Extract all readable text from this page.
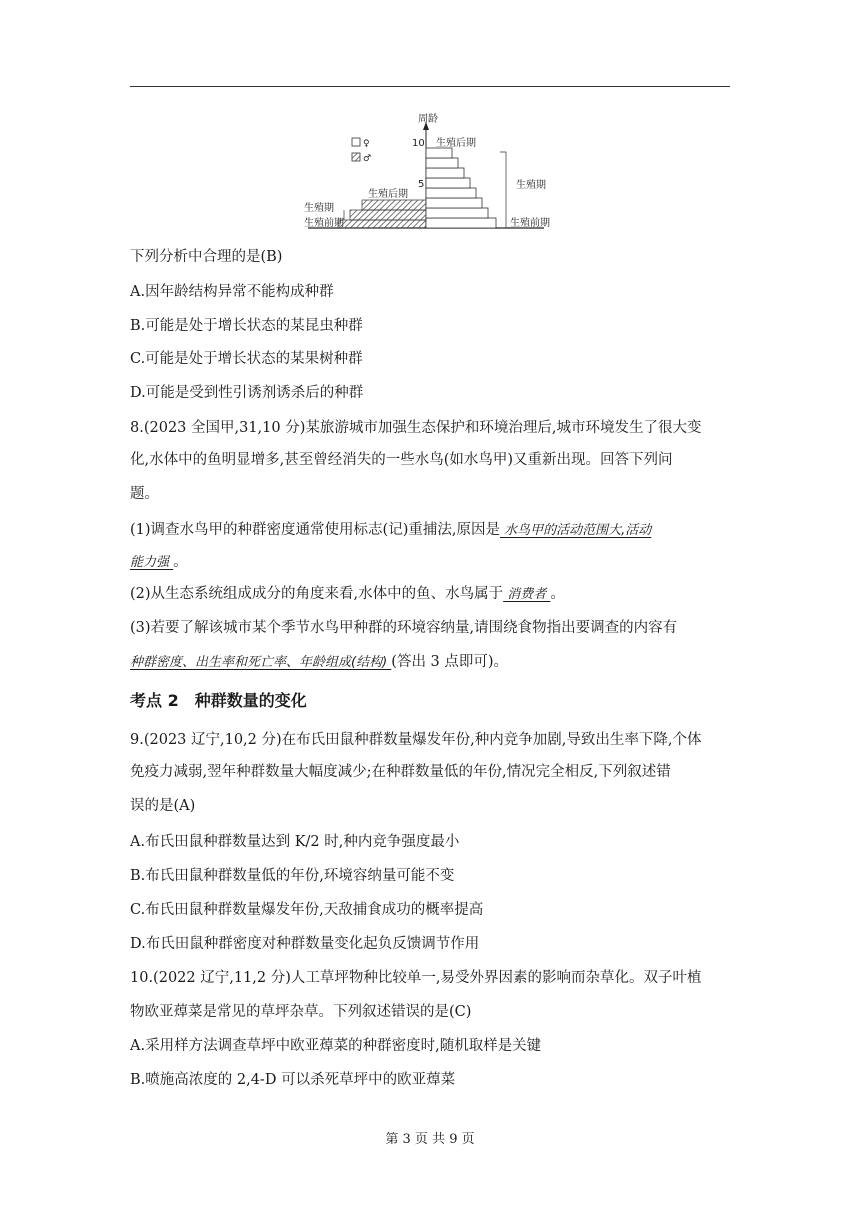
周龄
10
5
♀
♂
生殖后期
生殖期
生殖前期
生殖后期
生殖期
生殖前期
下列分析中合理的是(B)
A.因年龄结构异常不能构成种群
B.可能是处于增长状态的某昆虫种群
C.可能是处于增长状态的某果树种群
D.可能是受到性引诱剂诱杀后的种群
8.(2023 全国甲,31,10 分)某旅游城市加强生态保护和环境治理后,城市环境发生了很大变
化,水体中的鱼明显增多,甚至曾经消失的一些水鸟(如水鸟甲)又重新出现。回答下列问
题。
(1)调查水鸟甲的种群密度通常使用标志(记)重捕法,原因是 水鸟甲的活动范围大,活动
能力强 。
(2)从生态系统组成成分的角度来看,水体中的鱼、水鸟属于 消费者 。
(3)若要了解该城市某个季节水鸟甲种群的环境容纳量,请围绕食物指出要调查的内容有
种群密度、出生率和死亡率、年龄组成(结构) (答出 3 点即可)。
考点 2　种群数量的变化
9.(2023 辽宁,10,2 分)在布氏田鼠种群数量爆发年份,种内竞争加剧,导致出生率下降,个体
免疫力减弱,翌年种群数量大幅度减少;在种群数量低的年份,情况完全相反,下列叙述错
误的是(A)
A.布氏田鼠种群数量达到 K/2 时,种内竞争强度最小
B.布氏田鼠种群数量低的年份,环境容纳量可能不变
C.布氏田鼠种群数量爆发年份,天敌捕食成功的概率提高
D.布氏田鼠种群密度对种群数量变化起负反馈调节作用
10.(2022 辽宁,11,2 分)人工草坪物种比较单一,易受外界因素的影响而杂草化。双子叶植
物欧亚蔊菜是常见的草坪杂草。下列叙述错误的是(C)
A.采用样方法调查草坪中欧亚蔊菜的种群密度时,随机取样是关键
B.喷施高浓度的 2,4-D 可以杀死草坪中的欧亚蔊菜
第 3 页 共 9 页
